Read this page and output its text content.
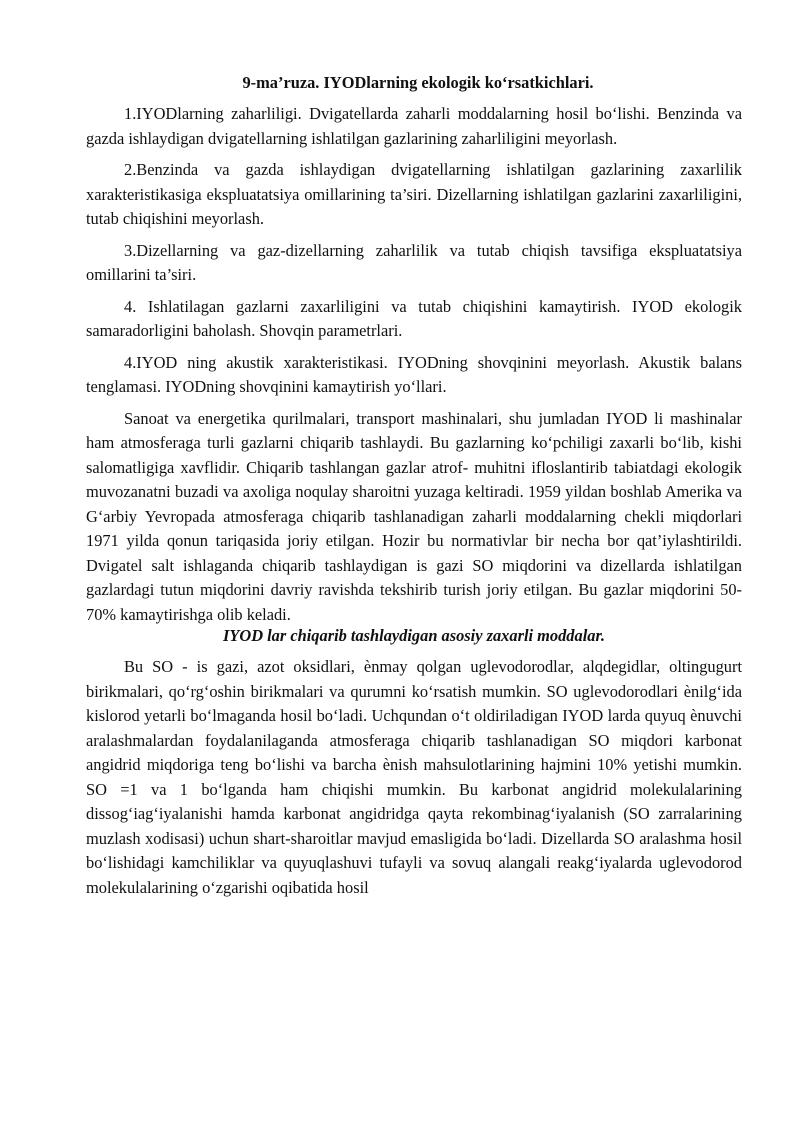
9-ma’ruza. IYODlarning ekologik ko‘rsatkichlari.

1.IYODlarning zaharliligi. Dvigatellarda zaharli moddalarning hosil bo‘lishi. Benzinda va gazda ishlaydigan dvigatellarning ishlatilgan gazlarining zaharliligini meyorlash.

2.Benzinda va gazda ishlaydigan dvigatellarning ishlatilgan gazlarining zaxarlilik xarakteristikasiga ekspluatatsiya omillarining ta’siri. Dizellarning ishlatilgan gazlarini zaxarliligini, tutab chiqishini meyorlash.

3.Dizellarning va gaz-dizellarning zaharlilik va tutab chiqish tavsifiga ekspluatatsiya omillarini ta’siri.

4. Ishlatilagan gazlarni zaxarliligini va tutab chiqishini kamaytirish. IYOD ekologik samaradorligini baholash. Shovqin parametrlari.

4.IYOD ning akustik xarakteristikasi. IYODning shovqinini meyorlash. Akustik balans tenglamasi. IYODning shovqinini kamaytirish yo‘llari.

Sanoat va energetika qurilmalari, transport mashinalari, shu jumladan IYOD li mashinalar ham atmosferaga turli gazlarni chiqarib tashlaydi. Bu gazlarning ko‘pchiligi zaxarli bo‘lib, kishi salomatligiga xavflidir. Chiqarib tashlangan gazlar atrof- muhitni ifloslantirib tabiatdagi ekologik muvozanatni buzadi va axoliga noqulay sharoitni yuzaga keltiradi. 1959 yildan boshlab Amerika va G‘arbiy Yevropada atmosferaga chiqarib tashlanadigan zaharli moddalarning chekli miqdorlari 1971 yilda qonun tariqasida joriy etilgan. Hozir bu normativlar bir necha bor qat’iylashtirildi. Dvigatel salt ishlaganda chiqarib tashlaydigan is gazi SO miqdorini va dizellarda ishlatilgan gazlardagi tutun miqdorini davriy ravishda tekshirib turish joriy etilgan. Bu gazlar miqdorini 50-70% kamaytirishga olib keladi.

IYOD lar chiqarib tashlaydigan asosiy zaxarli moddalar.

Bu SO - is gazi, azot oksidlari, ѐnmay qolgan uglevodorodlar, alqdegidlar, oltingugurt birikmalari, qo‘rg‘oshin birikmalari va qurumni ko‘rsatish mumkin. SO uglevodorodlari ѐnilg‘ida kislorod yetarli bo‘lmaganda hosil bo‘ladi. Uchqundan o‘t oldiriladigan IYOD larda quyuq ѐnuvchi aralashmalardan foydalanilaganda atmosferaga chiqarib tashlanadigan SO miqdori karbonat angidrid miqdoriga teng bo‘lishi va barcha ѐnish mahsulotlarining hajmini 10% yetishi mumkin. SO =1 va 1 bo‘lganda ham chiqishi mumkin. Bu karbonat angidrid molekulalarining dissog‘iag‘iyalanishi hamda karbonat angidridga qayta rekombinag‘iyalanish (SO zarralarining muzlash xodisasi) uchun shart-sharoitlar mavjud emasligida bo‘ladi. Dizellarda SO aralashma hosil bo‘lishidagi kamchiliklar va quyuqlashuvi tufayli va sovuq alangali reakg‘iyalarda uglevodorod molekulalarining o‘zgarishi oqibatida hosil
